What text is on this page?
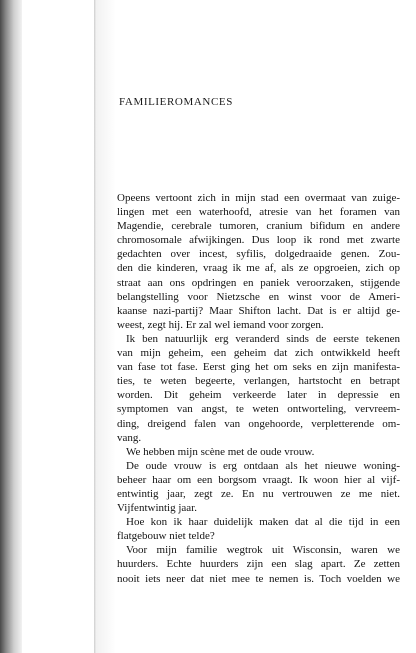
FAMILIEROMANCES
Opeens vertoont zich in mijn stad een overmaat van zuige-
lingen met een waterhoofd, atresie van het foramen van
Magendie, cerebrale tumoren, cranium bifidum en andere
chromosomale afwijkingen. Dus loop ik rond met zwarte
gedachten over incest, syfilis, dolgedraaide genen. Zou-
den die kinderen, vraag ik me af, als ze opgroeien, zich op
straat aan ons opdringen en paniek veroorzaken, stijgende
belangstelling voor Nietzsche en winst voor de Ameri-
kaanse nazi-partij? Maar Shifton lacht. Dat is er altijd ge-
weest, zegt hij. Er zal wel iemand voor zorgen.
Ik ben natuurlijk erg veranderd sinds de eerste tekenen
van mijn geheim, een geheim dat zich ontwikkeld heeft
van fase tot fase. Eerst ging het om seks en zijn manifesta-
ties, te weten begeerte, verlangen, hartstocht en betrapt
worden. Dit geheim verkeerde later in depressie en
symptomen van angst, te weten ontworteling, vervreem-
ding, dreigend falen van ongehoorde, verpletterende om-
vang.
We hebben mijn scène met de oude vrouw.
De oude vrouw is erg ontdaan als het nieuwe woning-
beheer haar om een borgsom vraagt. Ik woon hier al vijf-
entwintig jaar, zegt ze. En nu vertrouwen ze me niet.
Vijfentwintig jaar.
Hoe kon ik haar duidelijk maken dat al die tijd in een
flatgebouw niet telde?
Voor mijn familie wegtrok uit Wisconsin, waren we
huurders. Echte huurders zijn een slag apart. Ze zetten
nooit iets neer dat niet mee te nemen is. Toch voelden we
